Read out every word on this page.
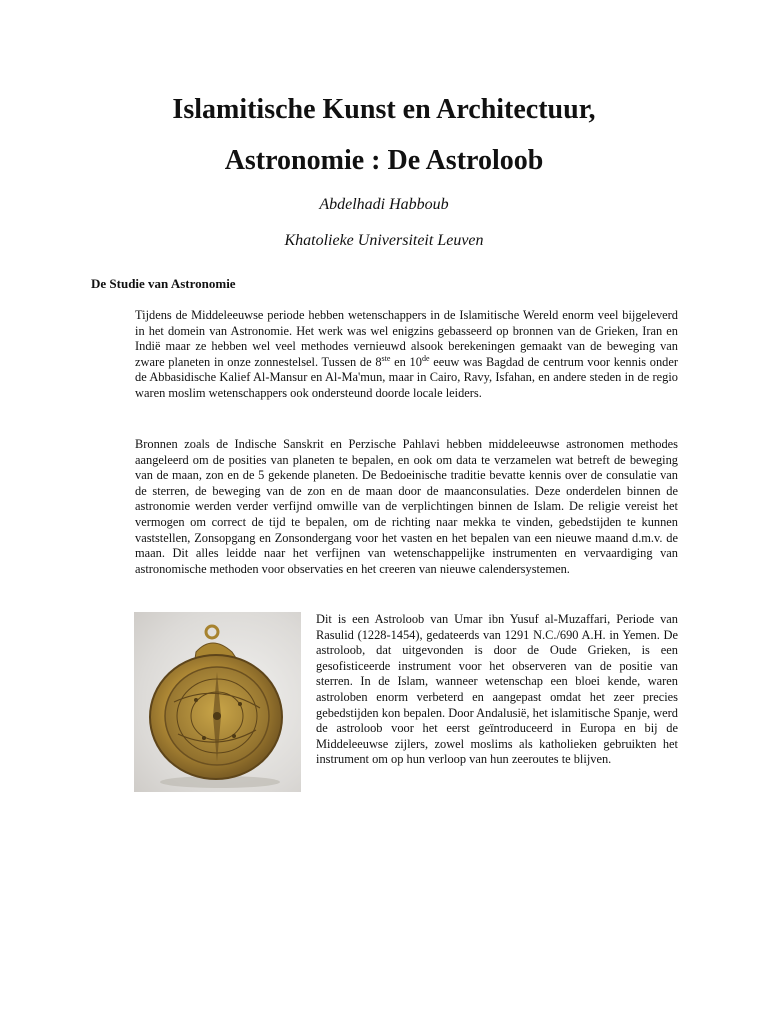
Islamitische Kunst en Architectuur,
Astronomie : De Astroloob
Abdelhadi Habboub
Khatolieke Universiteit Leuven
De Studie van Astronomie

Tijdens de Middeleeuwse periode hebben wetenschappers in de Islamitische Wereld enorm veel bijgeleverd in het domein van Astronomie. Het werk was wel enigzins gebasseerd op bronnen van de Grieken, Iran en Indië maar ze hebben wel veel methodes vernieuwd alsook berekeningen gemaakt van de beweging van zware planeten in onze zonnestelsel. Tussen de 8ste en 10de eeuw was Bagdad de centrum voor kennis onder de Abbasidische Kalief Al-Mansur en Al-Ma'mun, maar in Cairo, Ravy, Isfahan, en andere steden in de regio waren moslim wetenschappers ook ondersteund doorde locale leiders.

Bronnen zoals de Indische Sanskrit en Perzische Pahlavi hebben middeleeuwse astronomen methodes aangeleerd om de posities van planeten te bepalen, en ook om data te verzamelen wat betreft de beweging van de maan, zon en de 5 gekende planeten. De Bedoeinische traditie bevatte kennis over de consulatie van de sterren, de beweging van de zon en de maan door de maanconsulaties. Deze onderdelen binnen de astronomie werden verder verfijnd omwille van de verplichtingen binnen de Islam. De religie vereist het vermogen om correct de tijd te bepalen, om de richting naar mekka te vinden, gebedstijden te kunnen vaststellen, Zonsopgang en Zonsondergang voor het vasten en het bepalen van een nieuwe maand d.m.v. de maan. Dit alles leidde naar het verfijnen van wetenschappelijke instrumenten en vervaardiging van astronomische methoden voor observaties en het creeren van nieuwe calendersystemen.

Dit is een Astroloob van Umar ibn Yusuf al-Muzaffari, Periode van Rasulid (1228-1454), gedateerds van 1291 N.C./690 A.H. in Yemen. De astroloob, dat uitgevonden is door de Oude Grieken, is een gesofisticeerde instrument voor het observeren van de positie van sterren. In de Islam, wanneer wetenschap een bloei kende, waren astroloben enorm verbeterd en aangepast omdat het zeer precies gebedstijden kon bepalen. Door Andalusië, het islamitische Spanje, werd de astroloob voor het eerst geïntroduceerd in Europa en bij de Middeleeuwse zijlers, zowel moslims als katholieken gebruikten het instrument om op hun verloop van hun zeeroutes te blijven.
